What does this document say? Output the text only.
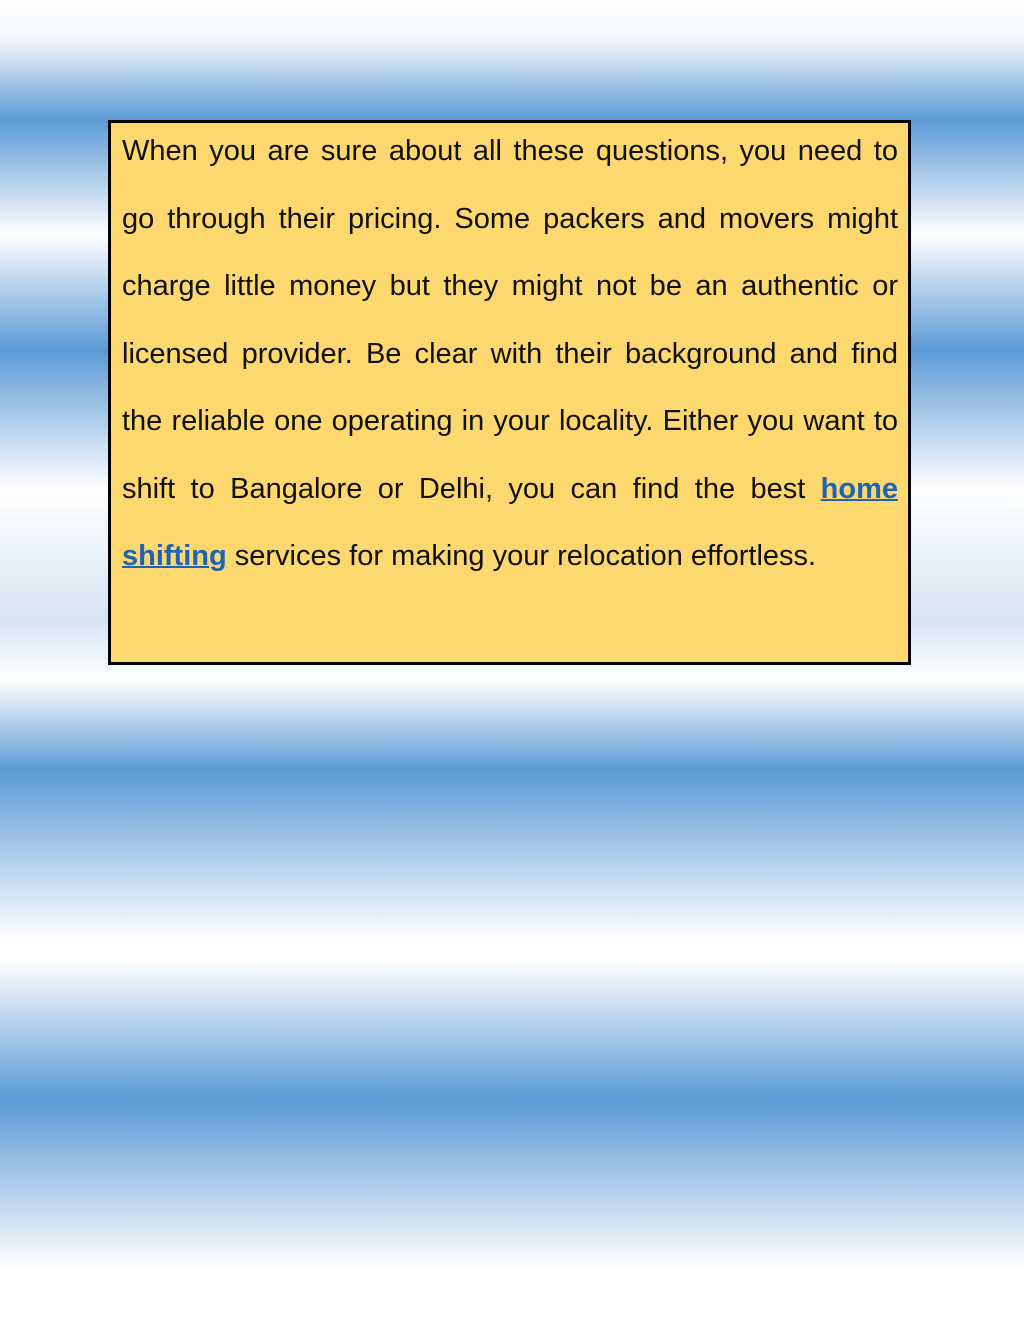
When you are sure about all these questions, you need to go through their pricing. Some packers and movers might charge little money but they might not be an authentic or licensed provider. Be clear with their background and find the reliable one operating in your locality. Either you want to shift to Bangalore or Delhi, you can find the best home shifting services for making your relocation effortless.
